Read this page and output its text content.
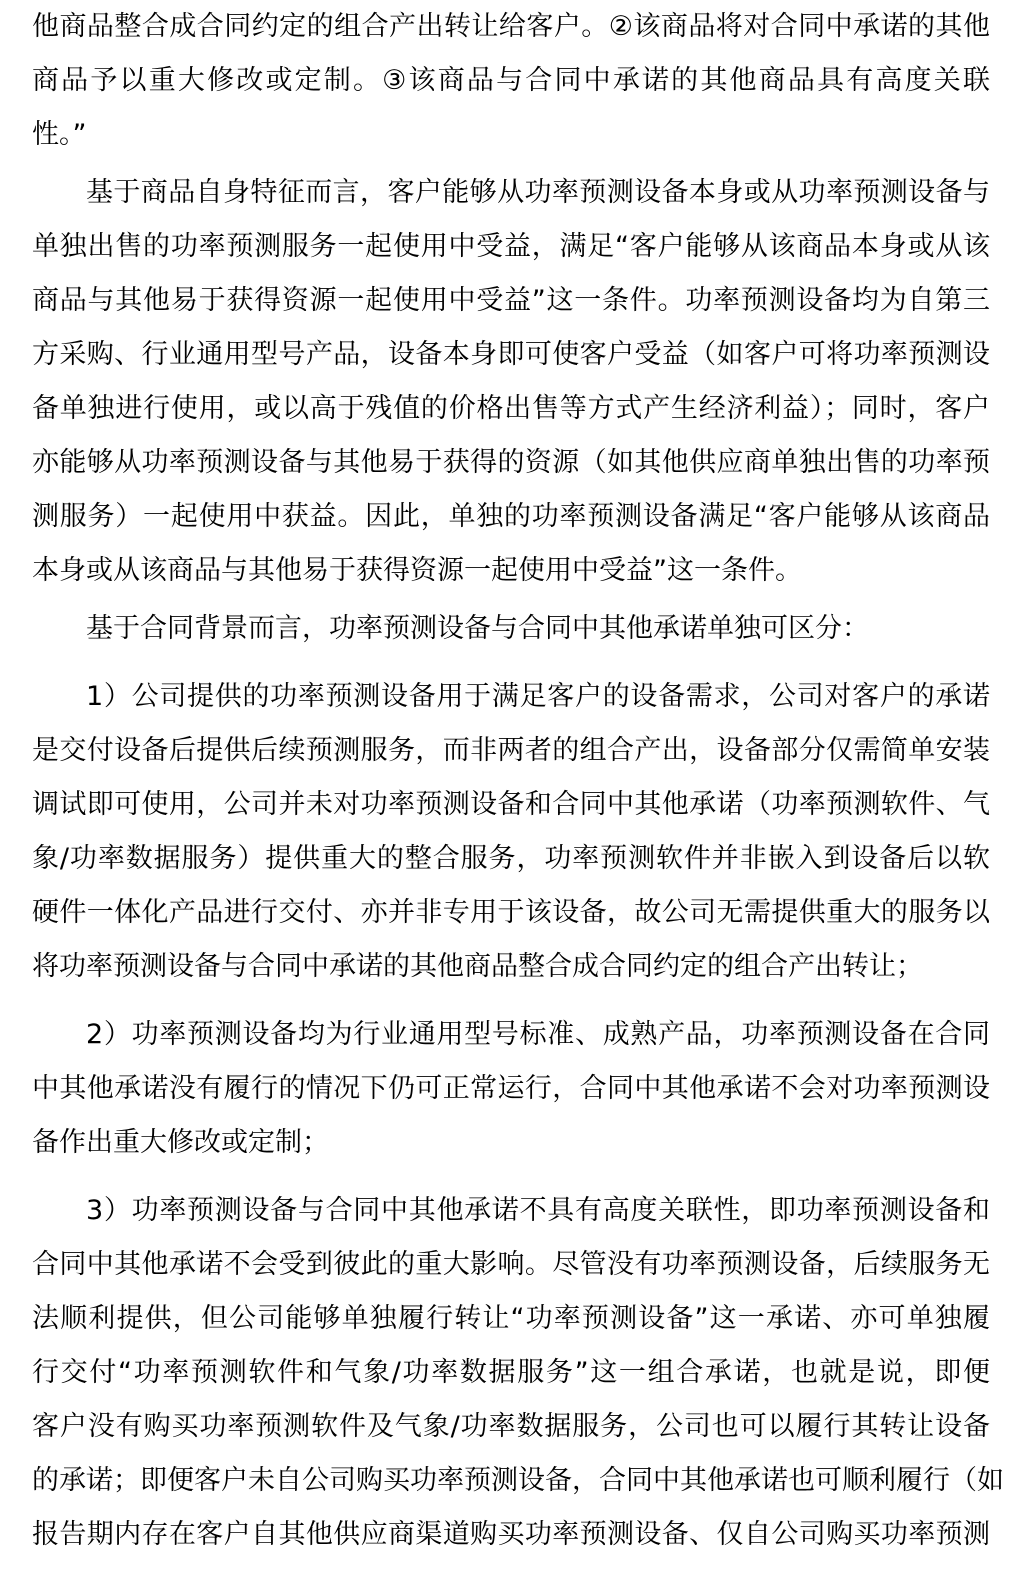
他商品整合成合同约定的组合产出转让给客户。②该商品将对合同中承诺的其他
商品予以重大修改或定制。③该商品与合同中承诺的其他商品具有高度关联
性。”
基于商品自身特征而言，客户能够从功率预测设备本身或从功率预测设备与
单独出售的功率预测服务一起使用中受益，满足“客户能够从该商品本身或从该
商品与其他易于获得资源一起使用中受益”这一条件。功率预测设备均为自第三
方采购、行业通用型号产品，设备本身即可使客户受益（如客户可将功率预测设
备单独进行使用，或以高于残值的价格出售等方式产生经济利益）；同时，客户
亦能够从功率预测设备与其他易于获得的资源（如其他供应商单独出售的功率预
测服务）一起使用中获益。因此，单独的功率预测设备满足“客户能够从该商品
本身或从该商品与其他易于获得资源一起使用中受益”这一条件。
基于合同背景而言，功率预测设备与合同中其他承诺单独可区分：
1）公司提供的功率预测设备用于满足客户的设备需求，公司对客户的承诺
是交付设备后提供后续预测服务，而非两者的组合产出，设备部分仅需简单安装
调试即可使用，公司并未对功率预测设备和合同中其他承诺（功率预测软件、气
象/功率数据服务）提供重大的整合服务，功率预测软件并非嵌入到设备后以软
硬件一体化产品进行交付、亦并非专用于该设备，故公司无需提供重大的服务以
将功率预测设备与合同中承诺的其他商品整合成合同约定的组合产出转让；
2）功率预测设备均为行业通用型号标准、成熟产品，功率预测设备在合同
中其他承诺没有履行的情况下仍可正常运行，合同中其他承诺不会对功率预测设
备作出重大修改或定制；
3）功率预测设备与合同中其他承诺不具有高度关联性，即功率预测设备和
合同中其他承诺不会受到彼此的重大影响。尽管没有功率预测设备，后续服务无
法顺利提供，但公司能够单独履行转让“功率预测设备”这一承诺、亦可单独履
行交付“功率预测软件和气象/功率数据服务”这一组合承诺，也就是说，即便
客户没有购买功率预测软件及气象/功率数据服务，公司也可以履行其转让设备
的承诺；即便客户未自公司购买功率预测设备，合同中其他承诺也可顺利履行（如
报告期内存在客户自其他供应商渠道购买功率预测设备、仅自公司购买功率预测
